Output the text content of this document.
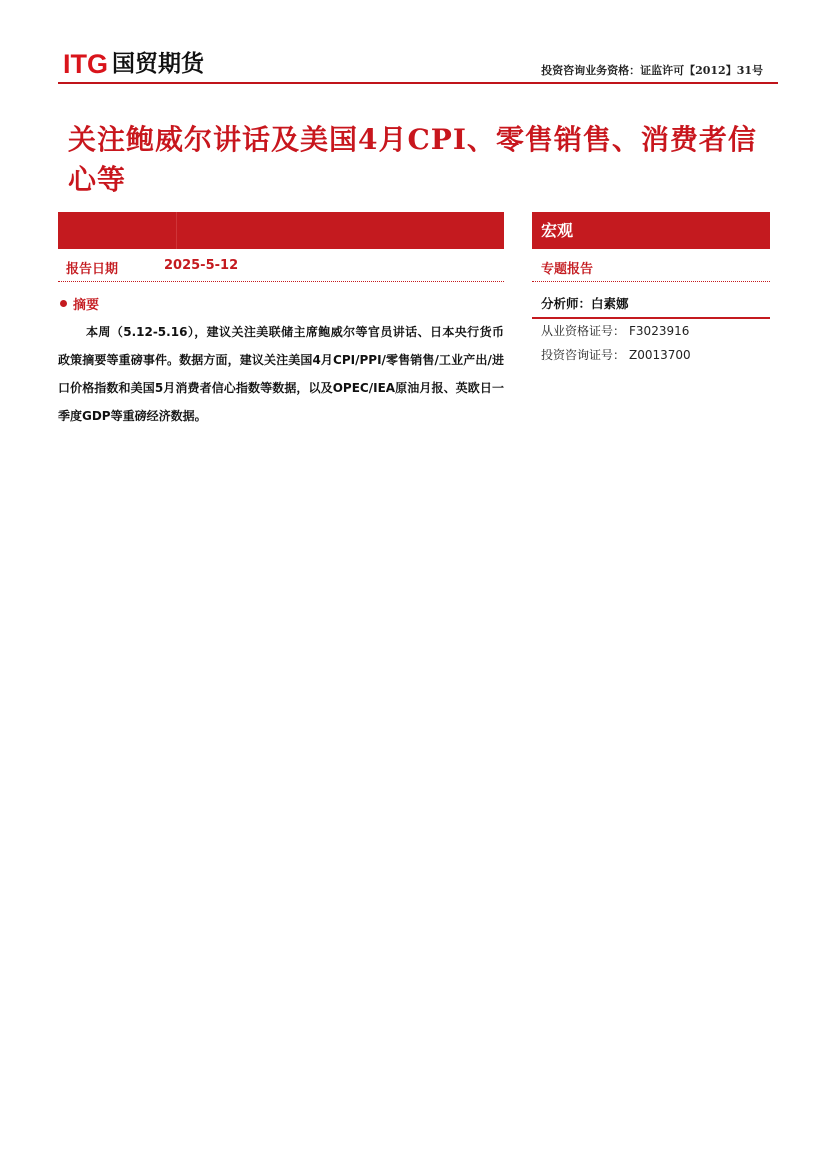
ITG 国贸期货	投资咨询业务资格：证监许可【2012】31号
关注鲍威尔讲话及美国4月CPI、零售销售、消费者信心等
宏观
报告日期	2025-5-12	专题报告
摘要
本周（5.12-5.16），建议关注美联储主席鲍威尔等官员讲话、日本央行货币政策摘要等重磅事件。数据方面，建议关注美国4月CPI/PPI/零售销售/工业产出/进口价格指数和美国5月消费者信心指数等数据，以及OPEC/IEA原油月报、英欧日一季度GDP等重磅经济数据。
分析师：白素娜
从业资格证号： F3023916
投资咨询证号： Z0013700
